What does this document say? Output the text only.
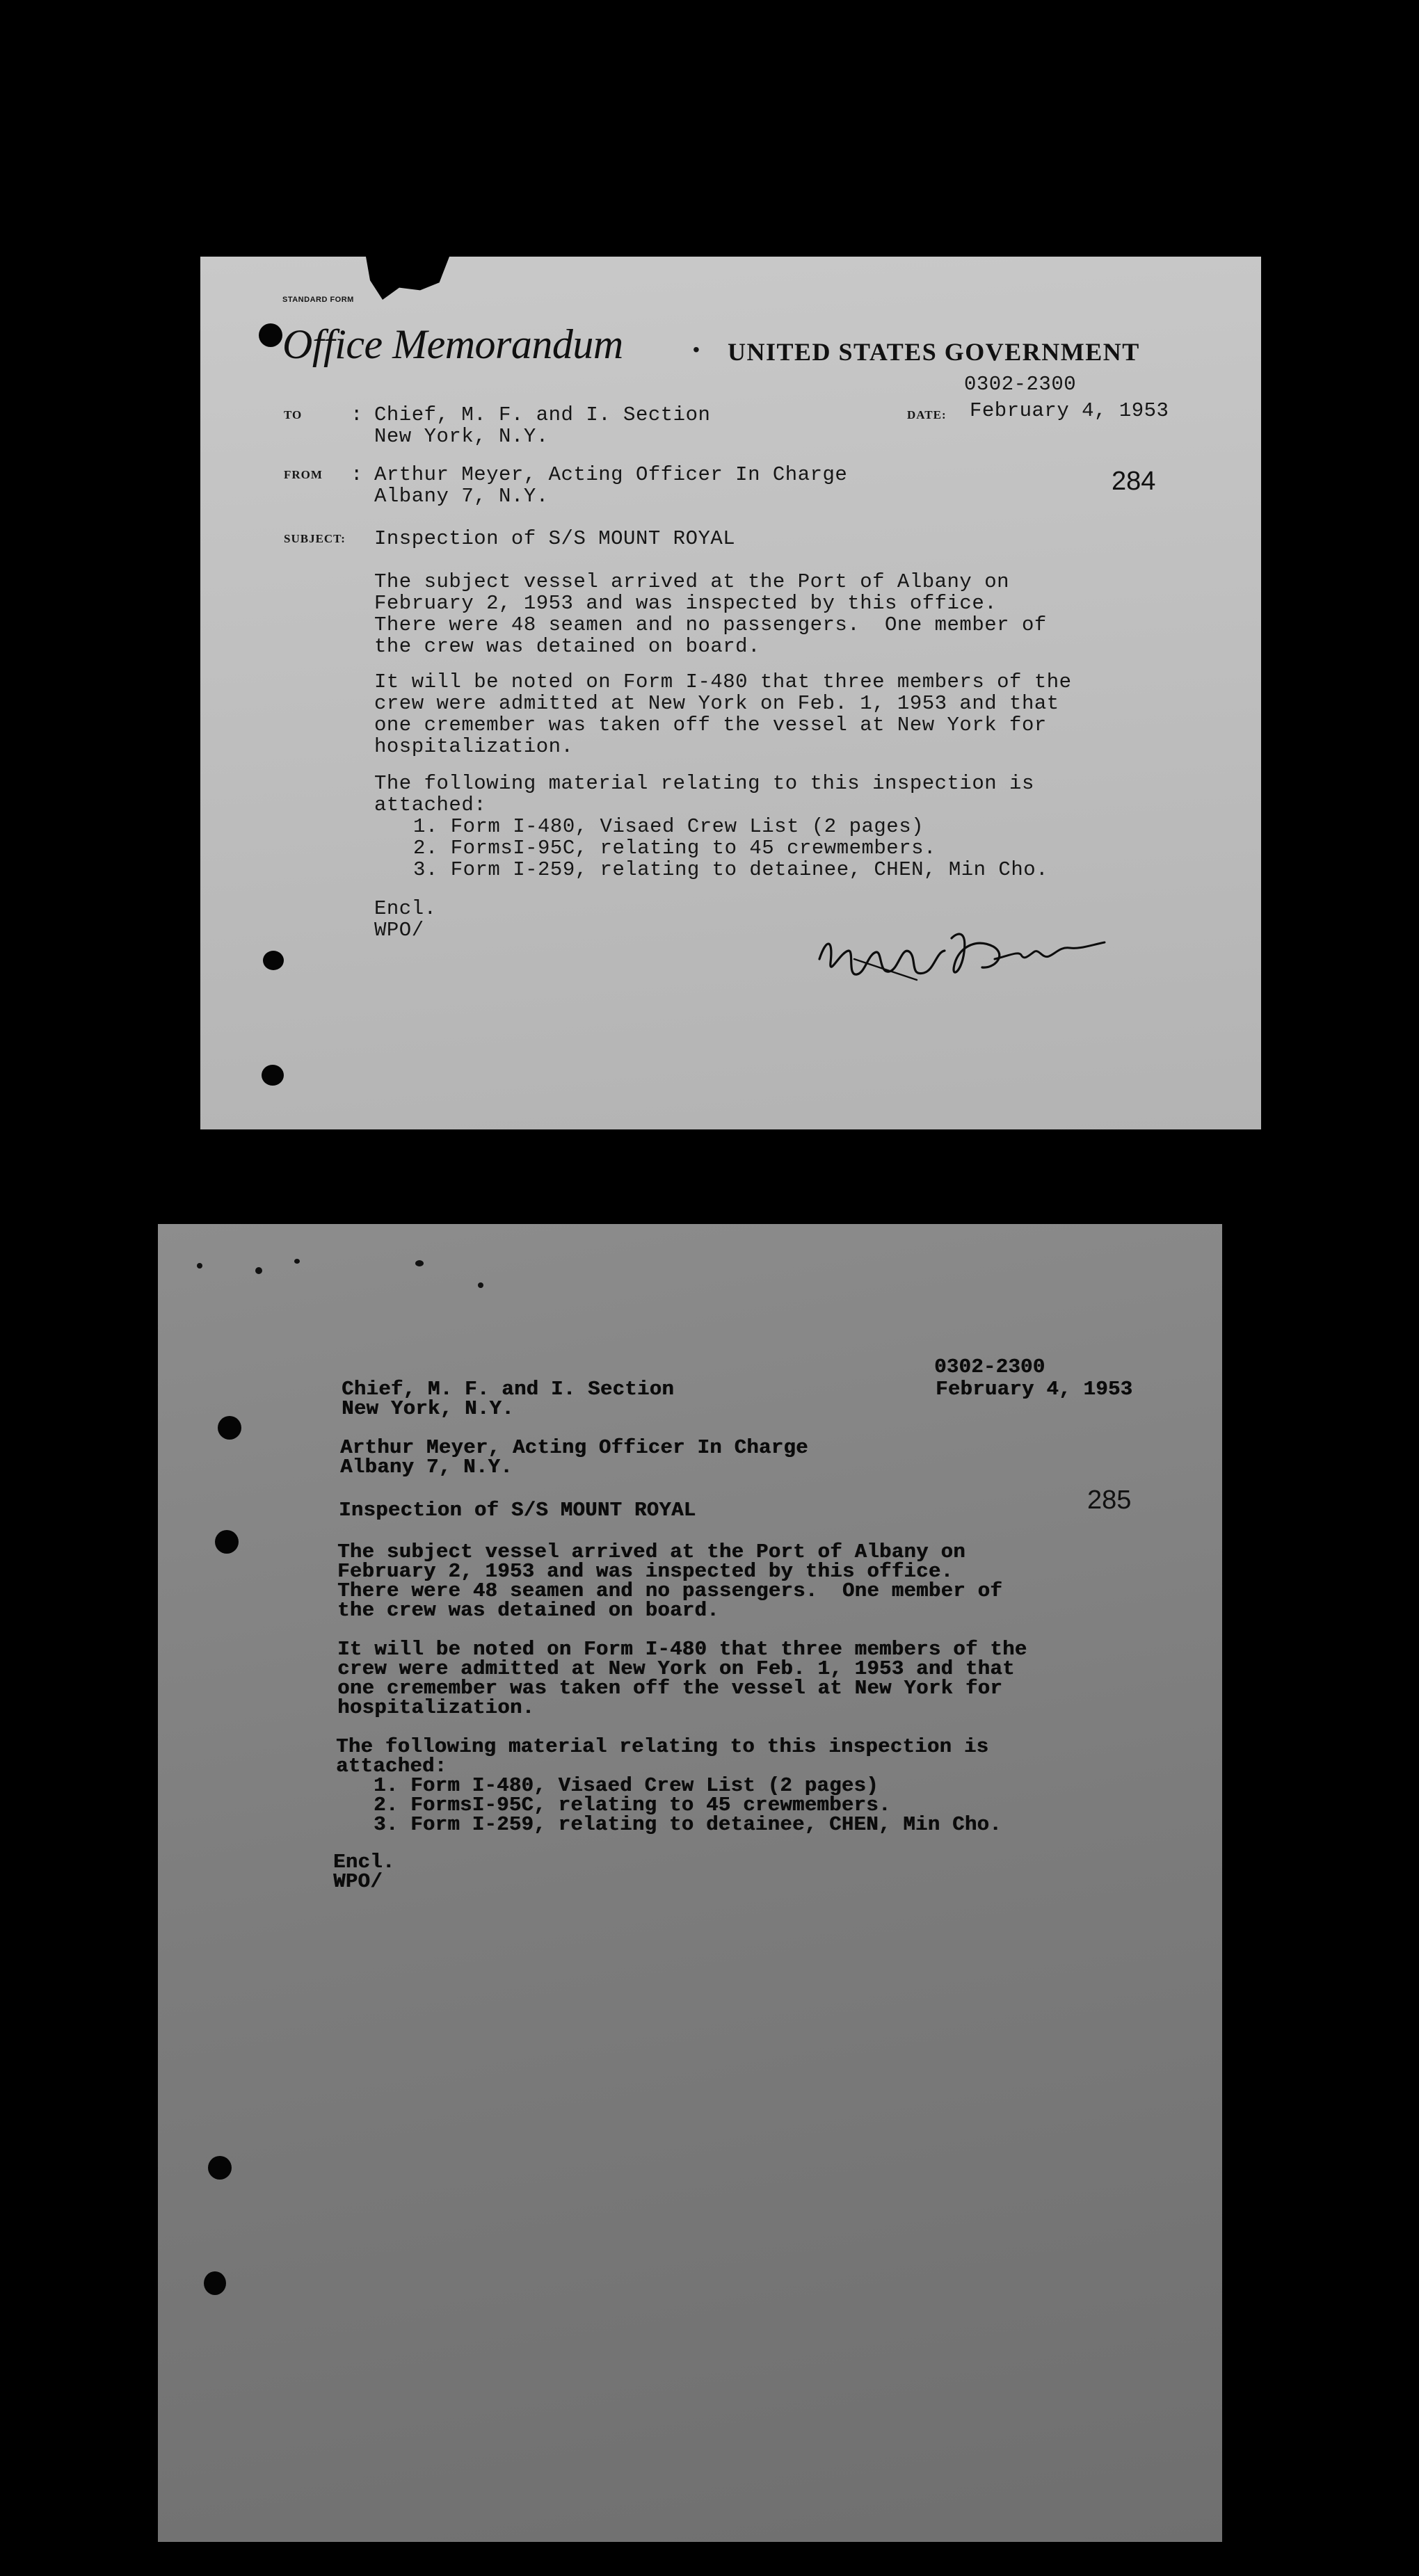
STANDARD FORM
Office Memorandum	• UNITED STATES GOVERNMENT
0302-2300
DATE: February 4, 1953
TO : Chief, M. F. and I. Section
New York, N.Y.
FROM : Arthur Meyer, Acting Officer In Charge
Albany 7, N.Y.
284
SUBJECT: Inspection of S/S MOUNT ROYAL
The subject vessel arrived at the Port of Albany on
February 2, 1953 and was inspected by this office.
There were 48 seamen and no passengers.  One member of
the crew was detained on board.
It will be noted on Form I-480 that three members of the
crew were admitted at New York on Feb. 1, 1953 and that
one cremember was taken off the vessel at New York for
hospitalization.
The following material relating to this inspection is
attached:
1. Form I-480, Visaed Crew List (2 pages)
2. FormsI-95C, relating to 45 crewmembers.
3. Form I-259, relating to detainee, CHEN, Min Cho.
Encl.
WPO/
0302-2300
February 4, 1953
Chief, M. F. and I. Section
New York, N.Y.
Arthur Meyer, Acting Officer In Charge
Albany 7, N.Y.
285
Inspection of S/S MOUNT ROYAL
The subject vessel arrived at the Port of Albany on
February 2, 1953 and was inspected by this office.
There were 48 seamen and no passengers.  One member of
the crew was detained on board.
It will be noted on Form I-480 that three members of the
crew were admitted at New York on Feb. 1, 1953 and that
one cremember was taken off the vessel at New York for
hospitalization.
The following material relating to this inspection is
attached:
1. Form I-480, Visaed Crew List (2 pages)
2. FormsI-95C, relating to 45 crewmembers.
3. Form I-259, relating to detainee, CHEN, Min Cho.
Encl.
WPO/
